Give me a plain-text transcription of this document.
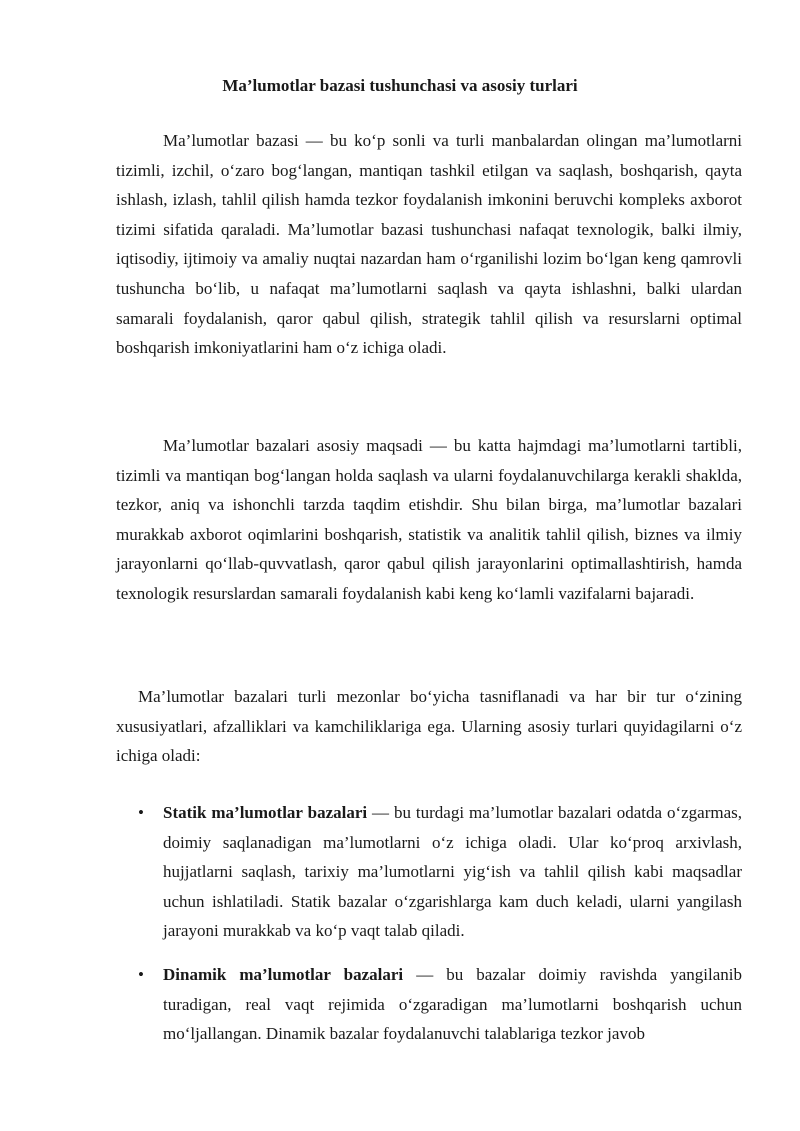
Ma’lumotlar bazasi tushunchasi va asosiy turlari

Ma’lumotlar bazasi — bu ko‘p sonli va turli manbalardan olingan ma’lumotlarni tizimli, izchil, o‘zaro bog‘langan, mantiqan tashkil etilgan va saqlash, boshqarish, qayta ishlash, izlash, tahlil qilish hamda tezkor foydalanish imkonini beruvchi kompleks axborot tizimi sifatida qaraladi. Ma’lumotlar bazasi tushunchasi nafaqat texnologik, balki ilmiy, iqtisodiy, ijtimoiy va amaliy nuqtai nazardan ham o‘rganilishi lozim bo‘lgan keng qamrovli tushuncha bo‘lib, u nafaqat ma’lumotlarni saqlash va qayta ishlashni, balki ulardan samarali foydalanish, qaror qabul qilish, strategik tahlil qilish va resurslarni optimal boshqarish imkoniyatlarini ham o‘z ichiga oladi.

Ma’lumotlar bazalari asosiy maqsadi — bu katta hajmdagi ma’lumotlarni tartibli, tizimli va mantiqan bog‘langan holda saqlash va ularni foydalanuvchilarga kerakli shaklda, tezkor, aniq va ishonchli tarzda taqdim etishdir. Shu bilan birga, ma’lumotlar bazalari murakkab axborot oqimlarini boshqarish, statistik va analitik tahlil qilish, biznes va ilmiy jarayonlarni qo‘llab-quvvatlash, qaror qabul qilish jarayonlarini optimallashtirish, hamda texnologik resurslardan samarali foydalanish kabi keng ko‘lamli vazifalarni bajaradi.

Ma’lumotlar bazalari turli mezonlar bo‘yicha tasniflanadi va har bir tur o‘zining xususiyatlari, afzalliklari va kamchiliklariga ega. Ularning asosiy turlari quyidagilarni o‘z ichiga oladi:

• Statik ma’lumotlar bazalari — bu turdagi ma’lumotlar bazalari odatda o‘zgarmas, doimiy saqlanadigan ma’lumotlarni o‘z ichiga oladi. Ular ko‘proq arxivlash, hujjatlarni saqlash, tarixiy ma’lumotlarni yig‘ish va tahlil qilish kabi maqsadlar uchun ishlatiladi. Statik bazalar o‘zgarishlarga kam duch keladi, ularni yangilash jarayoni murakkab va ko‘p vaqt talab qiladi.
• Dinamik ma’lumotlar bazalari — bu bazalar doimiy ravishda yangilanib turadigan, real vaqt rejimida o‘zgaradigan ma’lumotlarni boshqarish uchun mo‘ljallangan. Dinamik bazalar foydalanuvchi talablariga tezkor javob
